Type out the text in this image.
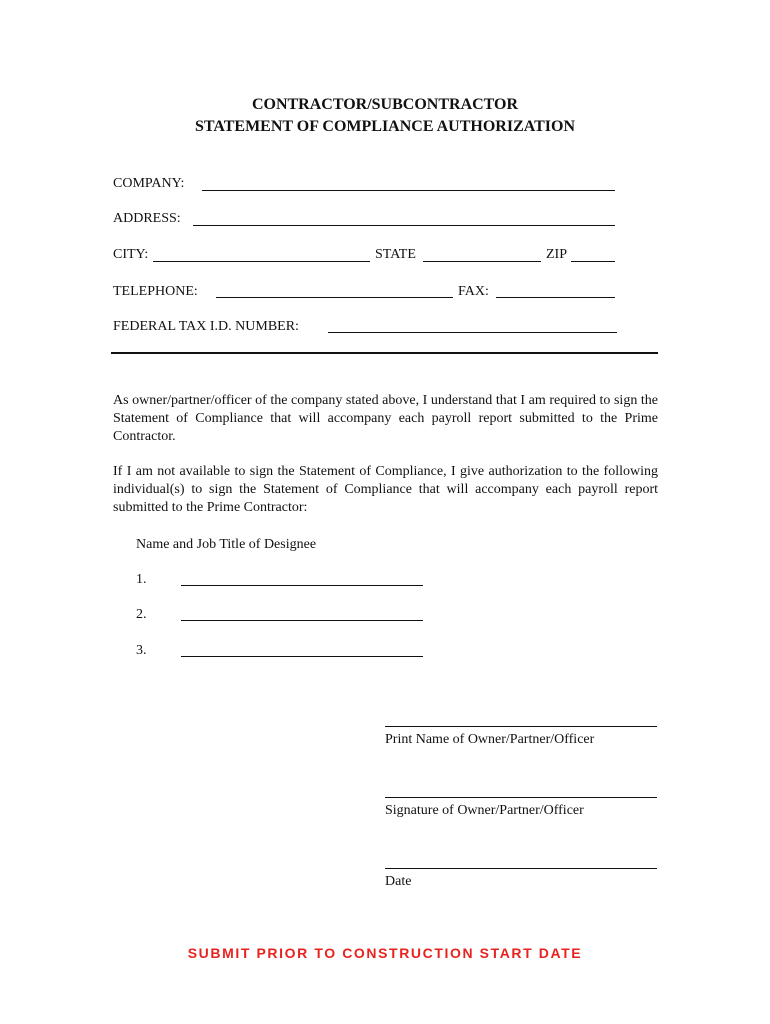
CONTRACTOR/SUBCONTRACTOR
STATEMENT OF COMPLIANCE AUTHORIZATION
COMPANY:
ADDRESS:
CITY:	STATE	ZIP
TELEPHONE:	FAX:
FEDERAL TAX I.D. NUMBER:
As owner/partner/officer of the company stated above, I understand that I am required to sign the Statement of Compliance that will accompany each payroll report submitted to the Prime Contractor.
If I am not available to sign the Statement of Compliance, I give authorization to the following individual(s) to sign the Statement of Compliance that will accompany each payroll report submitted to the Prime Contractor:
Name and Job Title of Designee
1.
2.
3.
Print Name of Owner/Partner/Officer
Signature of Owner/Partner/Officer
Date
SUBMIT PRIOR TO CONSTRUCTION START DATE
